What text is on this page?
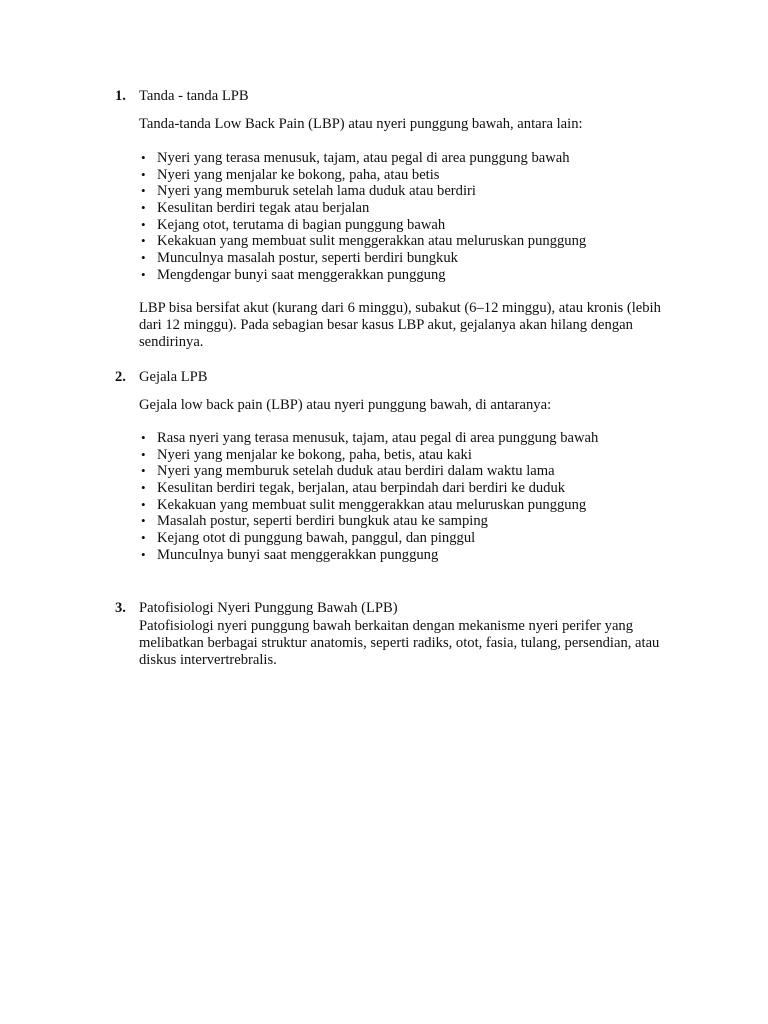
1. Tanda - tanda LPB
Tanda-tanda Low Back Pain (LBP) atau nyeri punggung bawah, antara lain:
• Nyeri yang terasa menusuk, tajam, atau pegal di area punggung bawah
• Nyeri yang menjalar ke bokong, paha, atau betis
• Nyeri yang memburuk setelah lama duduk atau berdiri
• Kesulitan berdiri tegak atau berjalan
• Kejang otot, terutama di bagian punggung bawah
• Kekakuan yang membuat sulit menggerakkan atau meluruskan punggung
• Munculnya masalah postur, seperti berdiri bungkuk
• Mengdengar bunyi saat menggerakkan punggung
LBP bisa bersifat akut (kurang dari 6 minggu), subakut (6–12 minggu), atau kronis (lebih dari 12 minggu). Pada sebagian besar kasus LBP akut, gejalanya akan hilang dengan sendirinya.
2. Gejala LPB
Gejala low back pain (LBP) atau nyeri punggung bawah, di antaranya:
• Rasa nyeri yang terasa menusuk, tajam, atau pegal di area punggung bawah
• Nyeri yang menjalar ke bokong, paha, betis, atau kaki
• Nyeri yang memburuk setelah duduk atau berdiri dalam waktu lama
• Kesulitan berdiri tegak, berjalan, atau berpindah dari berdiri ke duduk
• Kekakuan yang membuat sulit menggerakkan atau meluruskan punggung
• Masalah postur, seperti berdiri bungkuk atau ke samping
• Kejang otot di punggung bawah, panggul, dan pinggul
• Munculnya bunyi saat menggerakkan punggung
3. Patofisiologi Nyeri Punggung Bawah (LPB)
Patofisiologi nyeri punggung bawah berkaitan dengan mekanisme nyeri perifer yang melibatkan berbagai struktur anatomis, seperti radiks, otot, fasia, tulang, persendian, atau diskus intervertrebralis.
